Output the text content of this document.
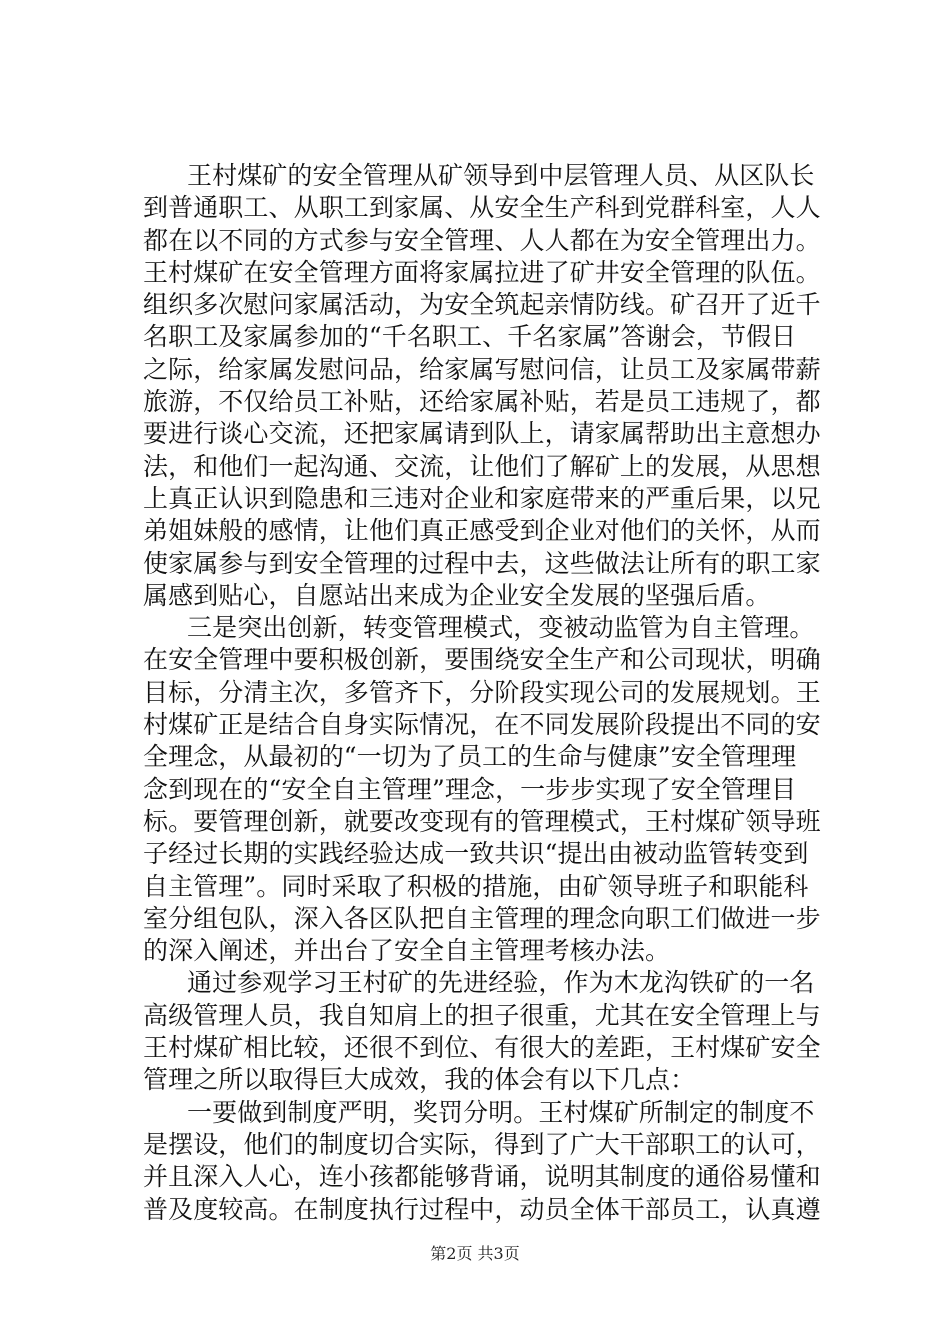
王村煤矿的安全管理从矿领导到中层管理人员、从区队长
到普通职工、从职工到家属、从安全生产科到党群科室，人人
都在以不同的方式参与安全管理、人人都在为安全管理出力。
王村煤矿在安全管理方面将家属拉进了矿井安全管理的队伍。
组织多次慰问家属活动，为安全筑起亲情防线。矿召开了近千
名职工及家属参加的“千名职工、千名家属”答谢会，节假日
之际，给家属发慰问品，给家属写慰问信，让员工及家属带薪
旅游，不仅给员工补贴，还给家属补贴，若是员工违规了，都
要进行谈心交流，还把家属请到队上，请家属帮助出主意想办
法，和他们一起沟通、交流，让他们了解矿上的发展，从思想
上真正认识到隐患和三违对企业和家庭带来的严重后果，以兄
弟姐妹般的感情，让他们真正感受到企业对他们的关怀，从而
使家属参与到安全管理的过程中去，这些做法让所有的职工家
属感到贴心，自愿站出来成为企业安全发展的坚强后盾。
三是突出创新，转变管理模式，变被动监管为自主管理。
在安全管理中要积极创新，要围绕安全生产和公司现状，明确
目标，分清主次，多管齐下，分阶段实现公司的发展规划。王
村煤矿正是结合自身实际情况，在不同发展阶段提出不同的安
全理念，从最初的“一切为了员工的生命与健康”安全管理理
念到现在的“安全自主管理”理念，一步步实现了安全管理目
标。要管理创新，就要改变现有的管理模式，王村煤矿领导班
子经过长期的实践经验达成一致共识“提出由被动监管转变到
自主管理”。同时采取了积极的措施，由矿领导班子和职能科
室分组包队，深入各区队把自主管理的理念向职工们做进一步
的深入阐述，并出台了安全自主管理考核办法。
通过参观学习王村矿的先进经验，作为木龙沟铁矿的一名
高级管理人员，我自知肩上的担子很重，尤其在安全管理上与
王村煤矿相比较，还很不到位、有很大的差距，王村煤矿安全
管理之所以取得巨大成效，我的体会有以下几点：
一要做到制度严明，奖罚分明。王村煤矿所制定的制度不
是摆设，他们的制度切合实际，得到了广大干部职工的认可，
并且深入人心，连小孩都能够背诵，说明其制度的通俗易懂和
普及度较高。在制度执行过程中，动员全体干部员工，认真遵
第2页 共3页
